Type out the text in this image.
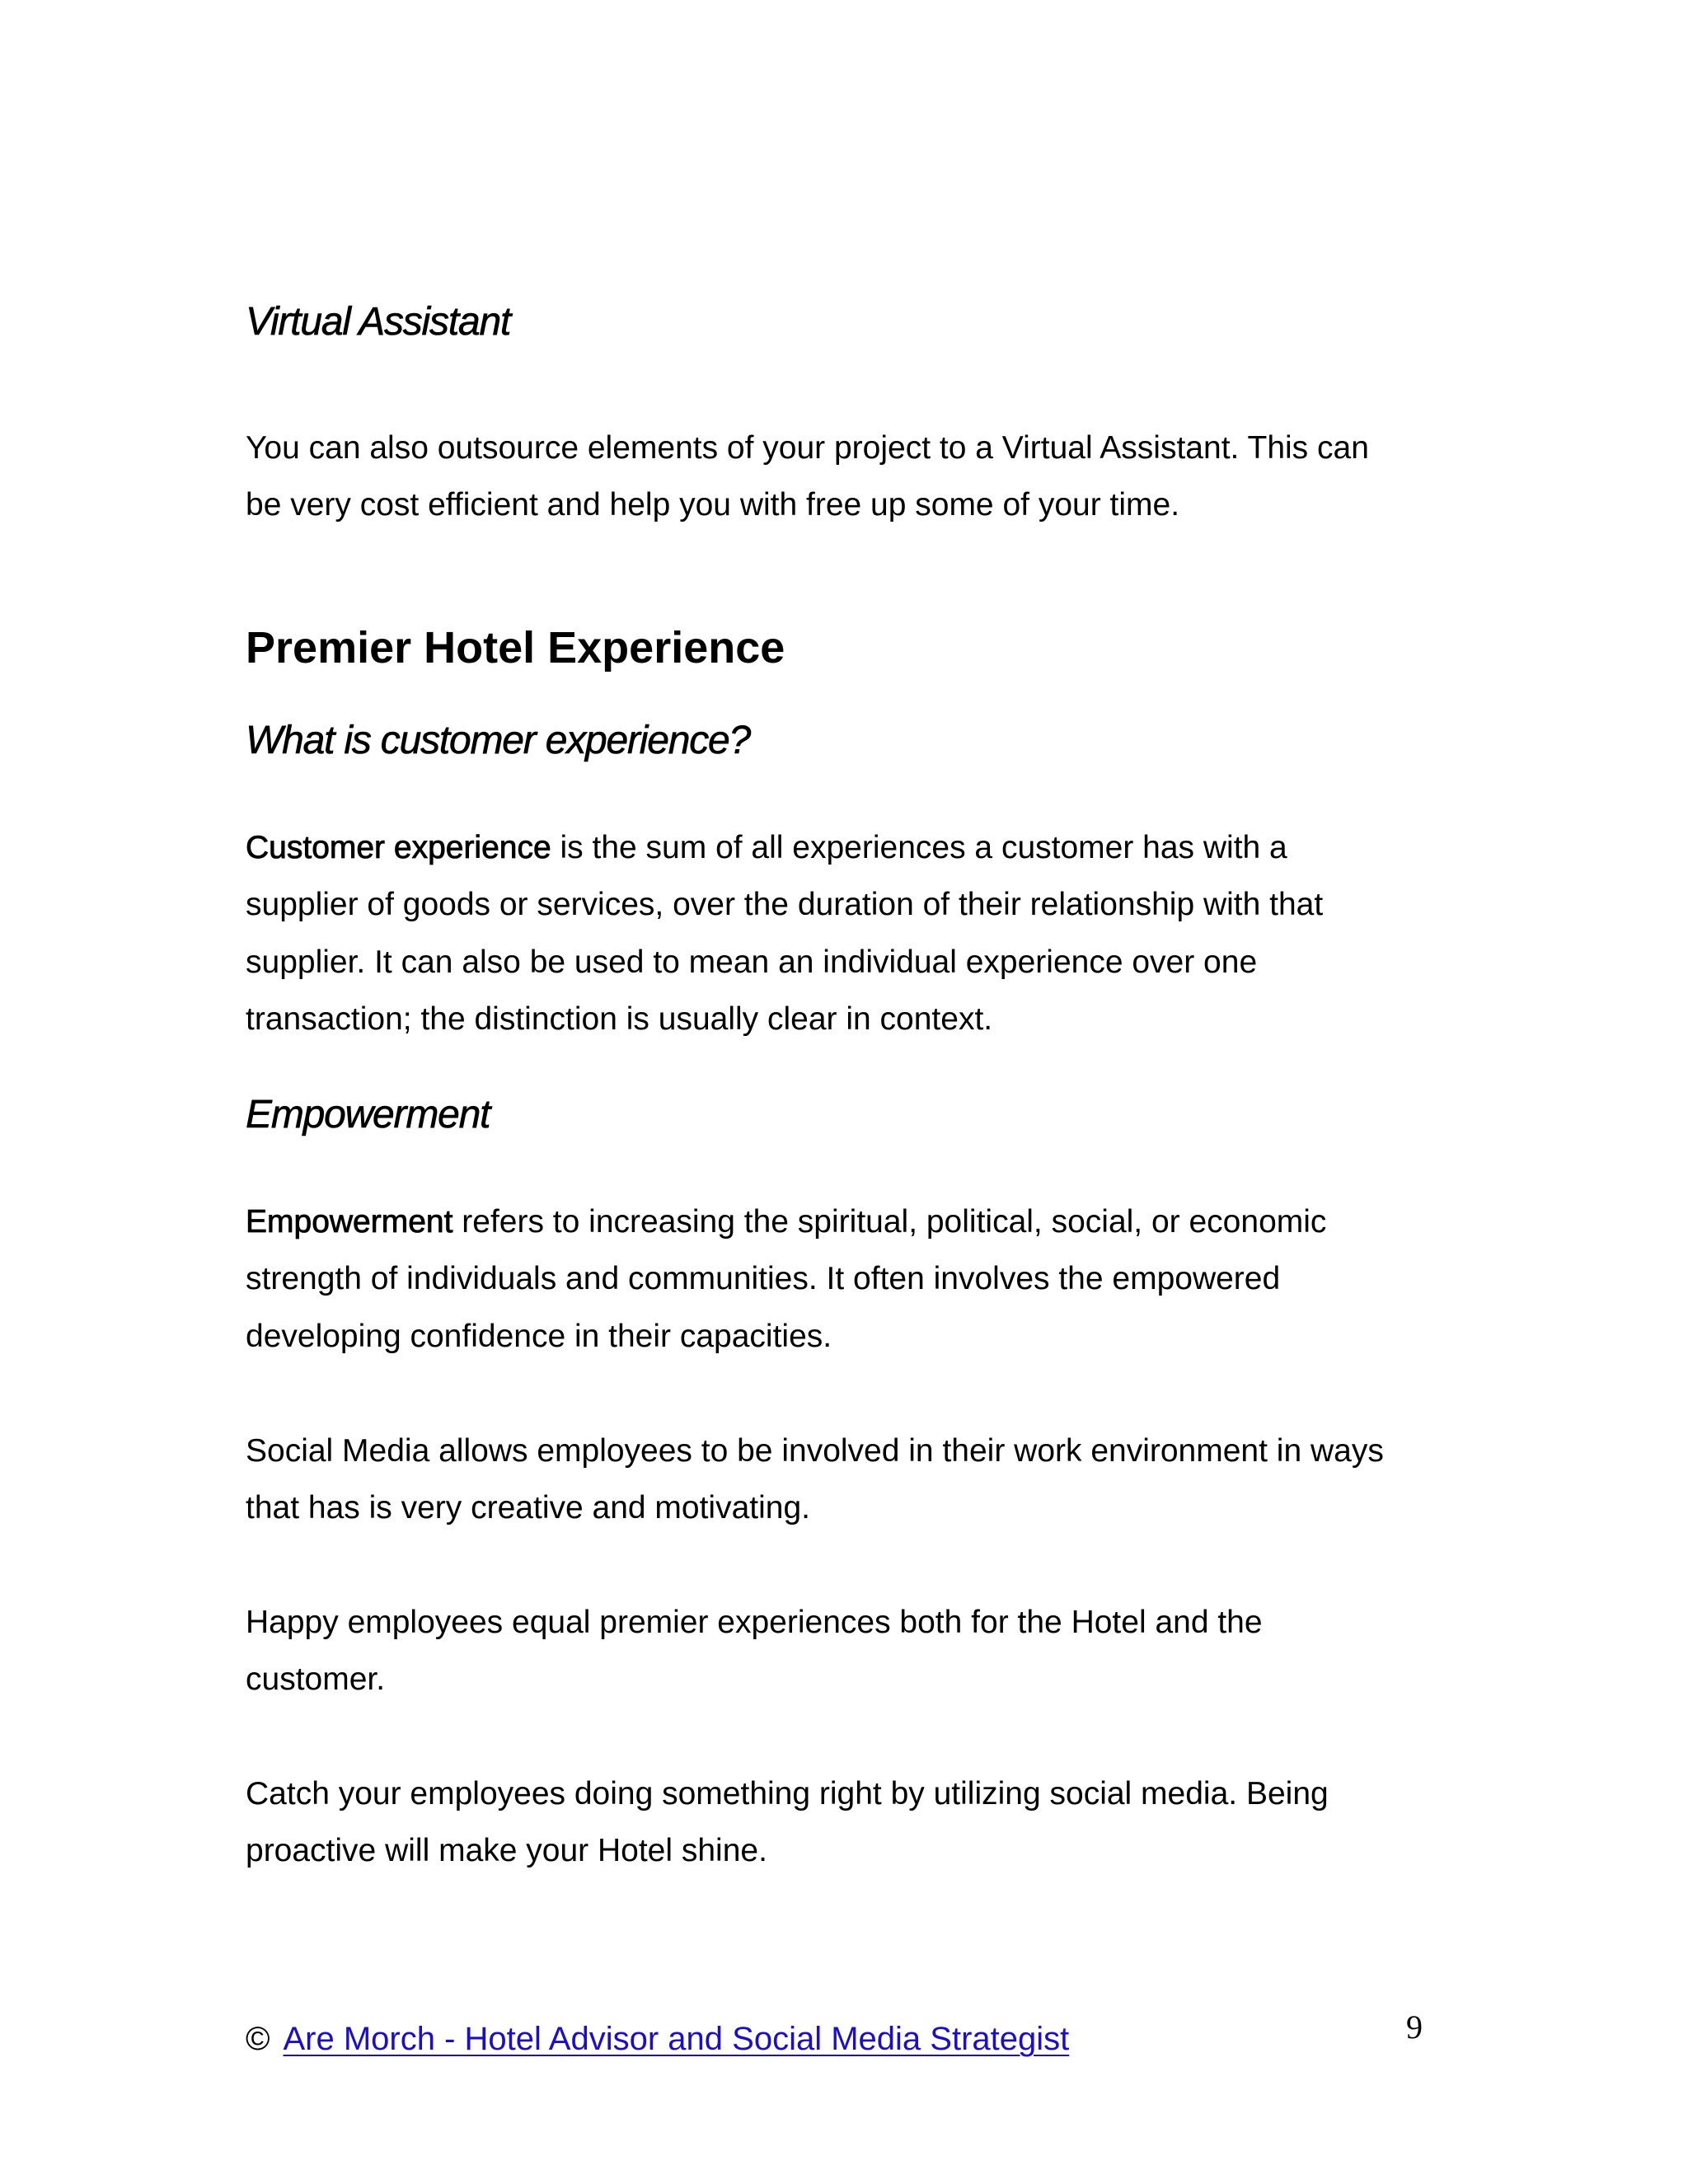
Virtual Assistant

You can also outsource elements of your project to a Virtual Assistant. This can

be very cost efficient and help you with free up some of your time.

Premier Hotel Experience
What is customer experience?

Customer experience is the sum of all experiences a customer has with a

supplier of goods or services, over the duration of their relationship with that

supplier. It can also be used to mean an individual experience over one

transaction; the distinction is usually clear in context.

Empowerment

Empowerment refers to increasing the spiritual, political, social, or economic

strength of individuals and communities. It often involves the empowered

developing confidence in their capacities.

Social Media allows employees to be involved in their work environment in ways

that has is very creative and motivating.

Happy employees equal premier experiences both for the Hotel and the

customer.

Catch your employees doing something right by utilizing social media. Being

proactive will make your Hotel shine.

© Are Morch - Hotel Advisor and Social Media Strategist	9
